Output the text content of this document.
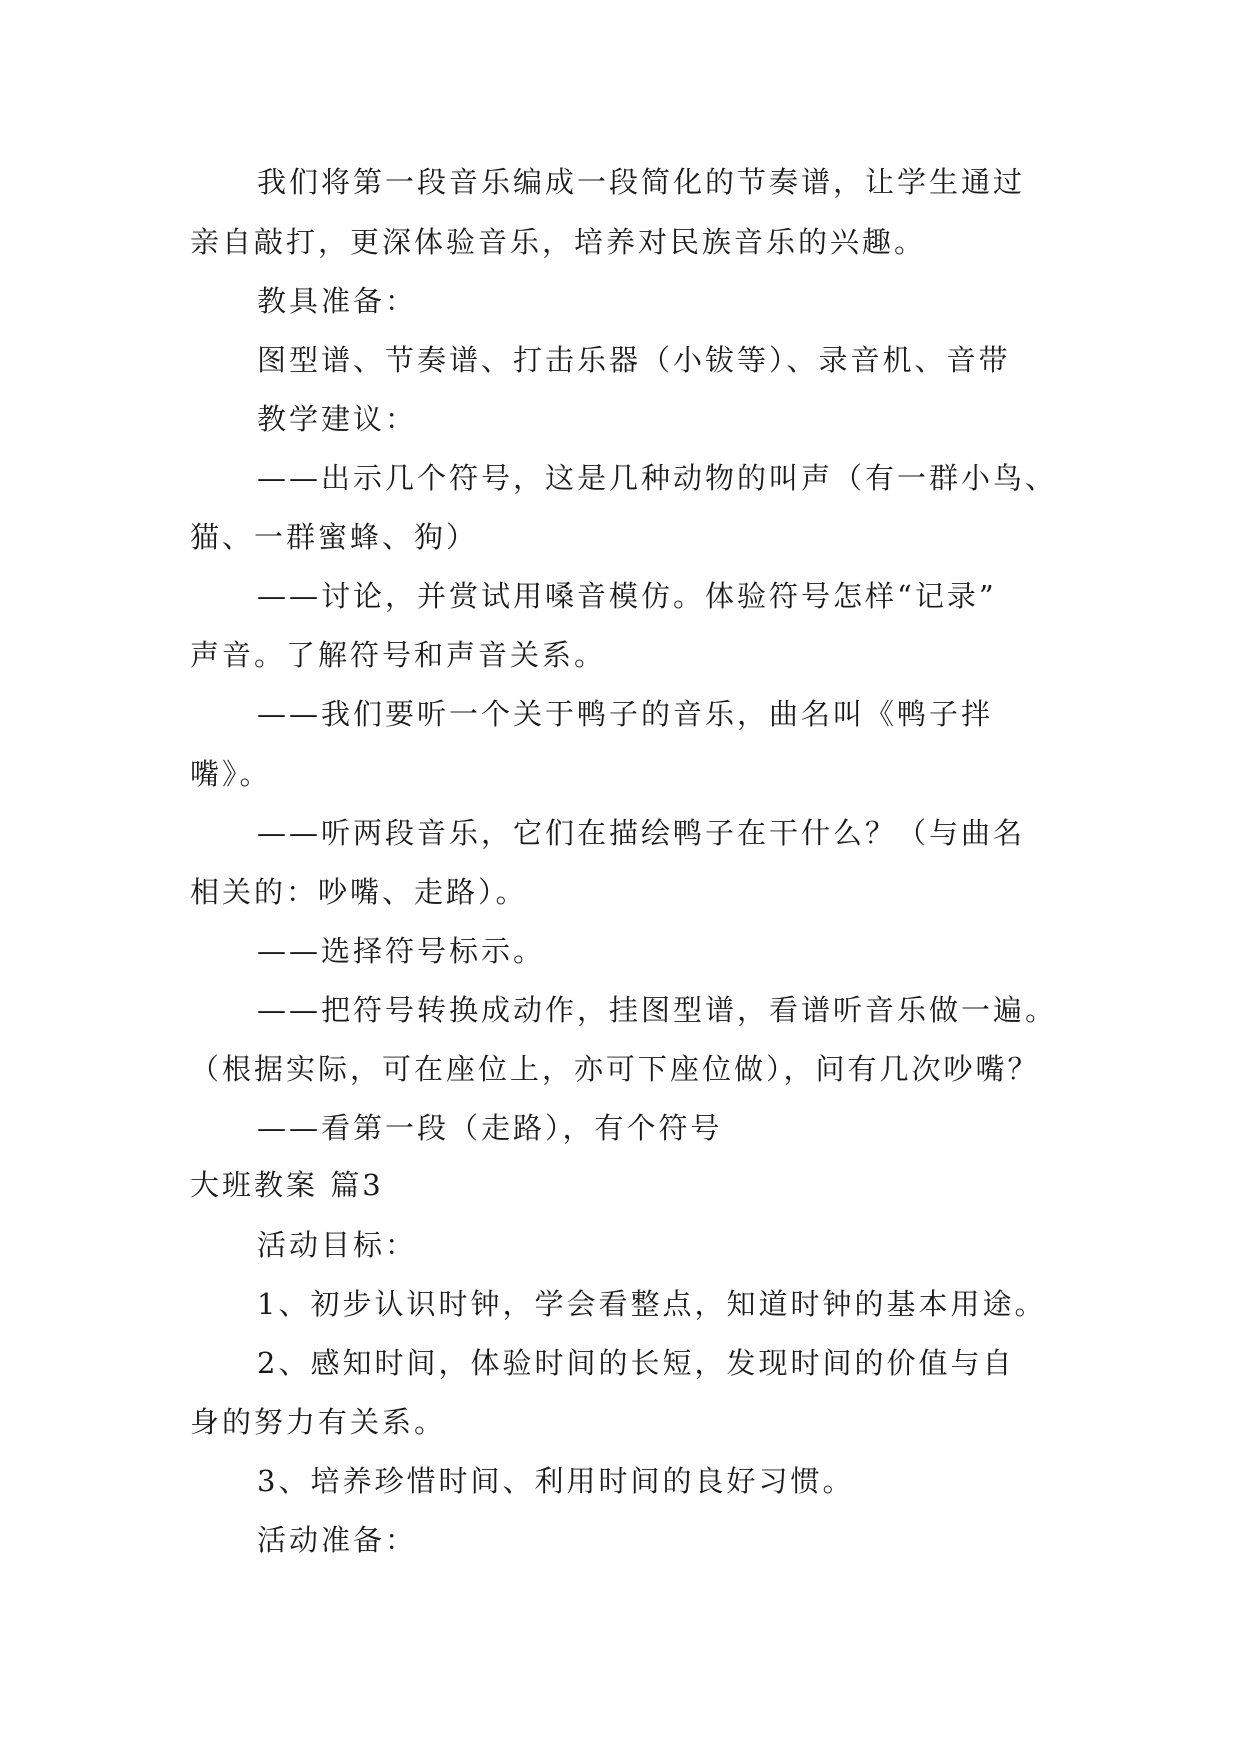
我们将第一段音乐编成一段简化的节奏谱，让学生通过
亲自敲打，更深体验音乐，培养对民族音乐的兴趣。
教具准备：
图型谱、节奏谱、打击乐器（小钹等）、录音机、音带
教学建议：
——出示几个符号，这是几种动物的叫声（有一群小鸟、
猫、一群蜜蜂、狗）
——讨论，并赏试用嗓音模仿。体验符号怎样“记录”
声音。了解符号和声音关系。
——我们要听一个关于鸭子的音乐，曲名叫《鸭子拌
嘴》。
——听两段音乐，它们在描绘鸭子在干什么？（与曲名
相关的：吵嘴、走路）。
——选择符号标示。
——把符号转换成动作，挂图型谱，看谱听音乐做一遍。
（根据实际，可在座位上，亦可下座位做），问有几次吵嘴？
——看第一段（走路），有个符号
大班教案 篇3
活动目标：
1、初步认识时钟，学会看整点，知道时钟的基本用途。
2、感知时间，体验时间的长短，发现时间的价值与自
身的努力有关系。
3、培养珍惜时间、利用时间的良好习惯。
活动准备：
